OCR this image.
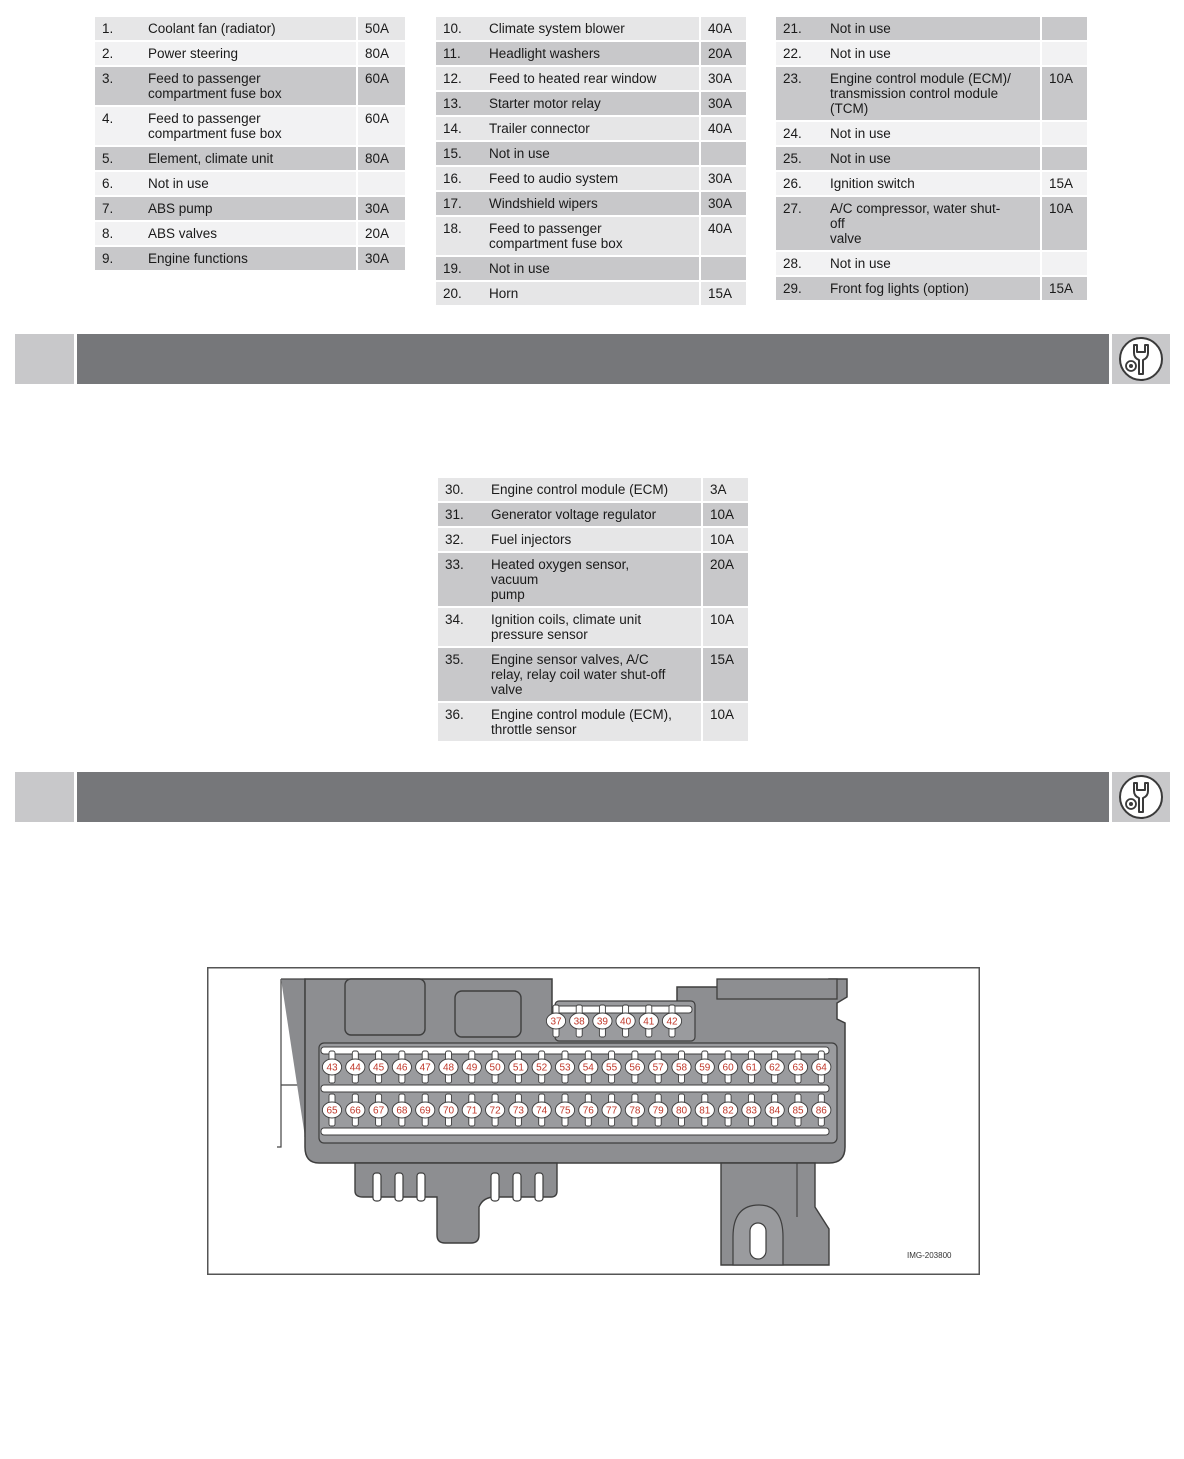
1.	Coolant fan (radiator)	50A
2.	Power steering	80A
3.	Feed to passenger
compartment fuse box	60A
4.	Feed to passenger
compartment fuse box	60A
5.	Element, climate unit	80A
6.	Not in use	
7.	ABS pump	30A
8.	ABS valves	20A
9.	Engine functions	30A
10.	Climate system blower	40A
11.	Headlight washers	20A
12.	Feed to heated rear window	30A
13.	Starter motor relay	30A
14.	Trailer connector	40A
15.	Not in use	
16.	Feed to audio system	30A
17.	Windshield wipers	30A
18.	Feed to passenger
compartment fuse box	40A
19.	Not in use	
20.	Horn	15A
21.	Not in use	
22.	Not in use	
23.	Engine control module (ECM)/
transmission control module
(TCM)	10A
24.	Not in use	
25.	Not in use	
26.	Ignition switch	15A
27.	A/C compressor, water shut-
off
valve	10A
28.	Not in use	
29.	Front fog lights (option)	15A
30.	Engine control module (ECM)	3A
31.	Generator voltage regulator	10A
32.	Fuel injectors	10A
33.	Heated oxygen sensor,
vacuum
pump	20A
34.	Ignition coils, climate unit
pressure sensor	10A
35.	Engine sensor valves, A/C
relay, relay coil water shut-off
valve	15A
36.	Engine control module (ECM),
throttle sensor	10A
37 38 39 40 41 42
43 44 45 46 47 48 49 50 51 52 53 54 55 56 57 58 59 60 61 62 63 64
65 66 67 68 69 70 71 72 73 74 75 76 77 78 79 80 81 82 83 84 85 86
IMG-203800
